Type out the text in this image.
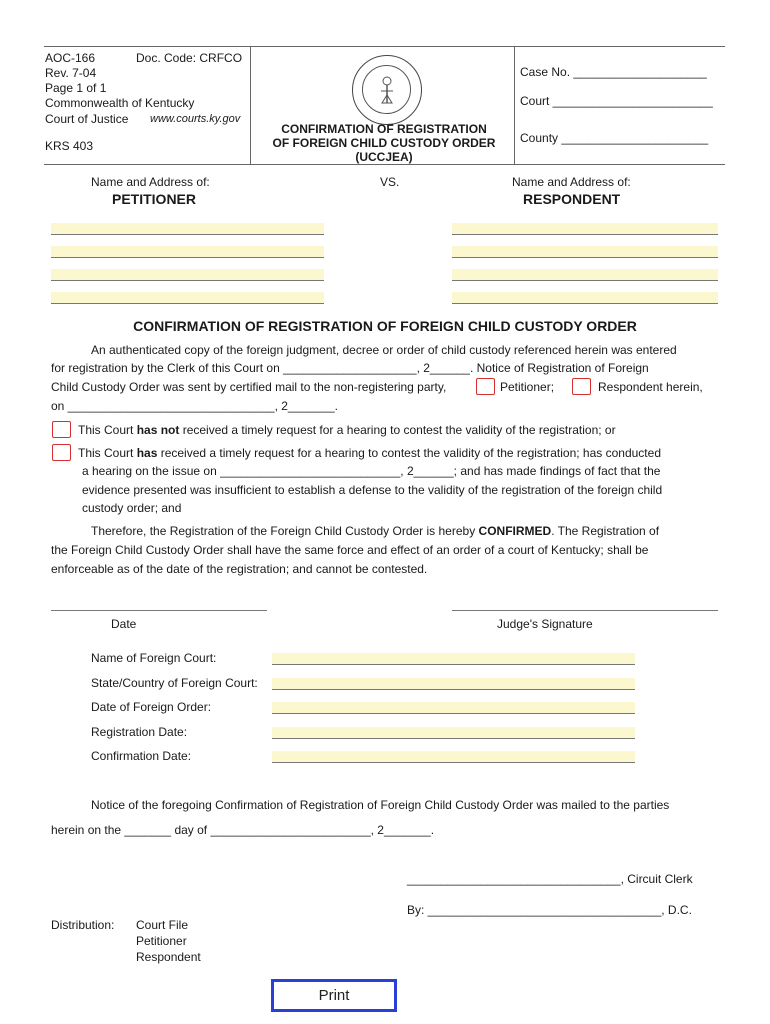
AOC-166	Doc. Code: CRFCO
Rev. 7-04
Page 1 of 1
Commonwealth of Kentucky
Court of Justice www.courts.ky.gov
KRS 403
CONFIRMATION OF REGISTRATION
OF FOREIGN CHILD CUSTODY ORDER
(UCCJEA)
Case No. ____________________
Court ________________________
County ______________________
Name and Address of:	VS.	Name and Address of:
PETITIONER	RESPONDENT
CONFIRMATION OF REGISTRATION OF FOREIGN CHILD CUSTODY ORDER
An authenticated copy of the foreign judgment, decree or order of child custody referenced herein was entered
for registration by the Clerk of this Court on ____________________, 2______. Notice of Registration of Foreign
Child Custody Order was sent by certified mail to the non-registering party,	Petitioner;	Respondent herein,
on _______________________________, 2_______.
This Court has not received a timely request for a hearing to contest the validity of the registration; or
This Court has received a timely request for a hearing to contest the validity of the registration; has conducted
a hearing on the issue on ___________________________, 2______; and has made findings of fact that the
evidence presented was insufficient to establish a defense to the validity of the registration of the foreign child
custody order; and
Therefore, the Registration of the Foreign Child Custody Order is hereby CONFIRMED. The Registration of
the Foreign Child Custody Order shall have the same force and effect of an order of a court of Kentucky; shall be
enforceable as of the date of the registration; and cannot be contested.
Date	Judge's Signature
Name of Foreign Court:
State/Country of Foreign Court:
Date of Foreign Order:
Registration Date:
Confirmation Date:
Notice of the foregoing Confirmation of Registration of Foreign Child Custody Order was mailed to the parties
herein on the _______ day of ________________________, 2_______.
________________________________, Circuit Clerk
By: ___________________________________, D.C.
Distribution: Court File
Petitioner
Respondent
Print
